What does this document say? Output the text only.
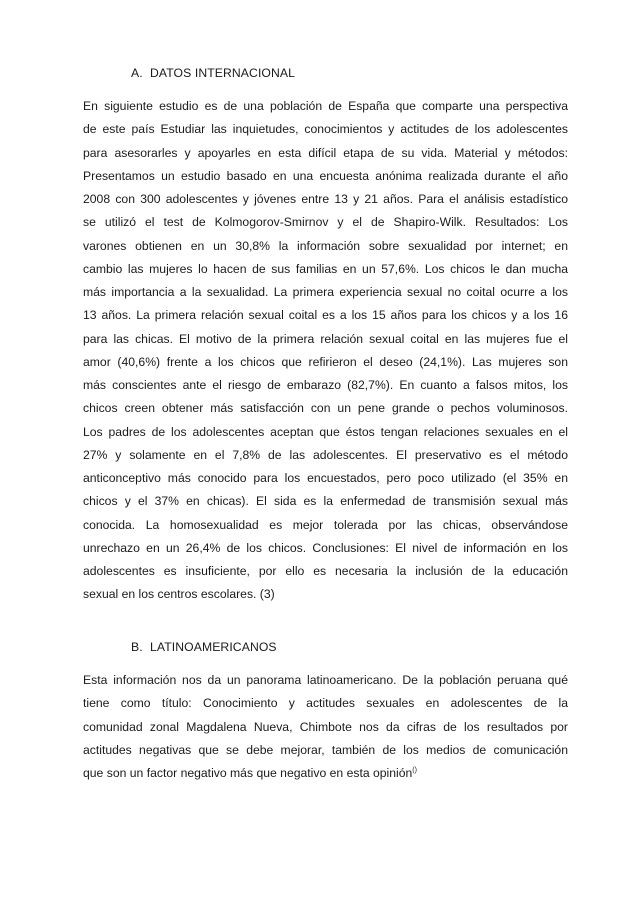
A. DATOS INTERNACIONAL
En siguiente estudio es de una población de España que comparte una perspectiva
de este país Estudiar las inquietudes, conocimientos y actitudes de los adolescentes
para asesorarles y apoyarles en esta difícil etapa de su vida. Material y métodos:
Presentamos un estudio basado en una encuesta anónima realizada durante el año
2008 con 300 adolescentes y jóvenes entre 13 y 21 años. Para el análisis estadístico
se utilizó el test de Kolmogorov-Smirnov y el de Shapiro-Wilk. Resultados: Los
varones obtienen en un 30,8% la información sobre sexualidad por internet; en
cambio las mujeres lo hacen de sus familias en un 57,6%. Los chicos le dan mucha
más importancia a la sexualidad. La primera experiencia sexual no coital ocurre a los
13 años. La primera relación sexual coital es a los 15 años para los chicos y a los 16
para las chicas. El motivo de la primera relación sexual coital en las mujeres fue el
amor (40,6%) frente a los chicos que refirieron el deseo (24,1%). Las mujeres son
más conscientes ante el riesgo de embarazo (82,7%). En cuanto a falsos mitos, los
chicos creen obtener más satisfacción con un pene grande o pechos voluminosos.
Los padres de los adolescentes aceptan que éstos tengan relaciones sexuales en el
27% y solamente en el 7,8% de las adolescentes. El preservativo es el método
anticonceptivo más conocido para los encuestados, pero poco utilizado (el 35% en
chicos y el 37% en chicas). El sida es la enfermedad de transmisión sexual más
conocida. La homosexualidad es mejor tolerada por las chicas, observándose
unrechazo en un 26,4% de los chicos. Conclusiones: El nivel de información en los
adolescentes es insuficiente, por ello es necesaria la inclusión de la educación
sexual en los centros escolares. (3)
B. LATINOAMERICANOS
Esta información nos da un panorama latinoamericano. De la población peruana qué
tiene como título: Conocimiento y actitudes sexuales en adolescentes de la
comunidad zonal Magdalena Nueva, Chimbote nos da cifras de los resultados por
actitudes negativas que se debe mejorar, también de los medios de comunicación
que son un factor negativo más que negativo en esta opinión()
